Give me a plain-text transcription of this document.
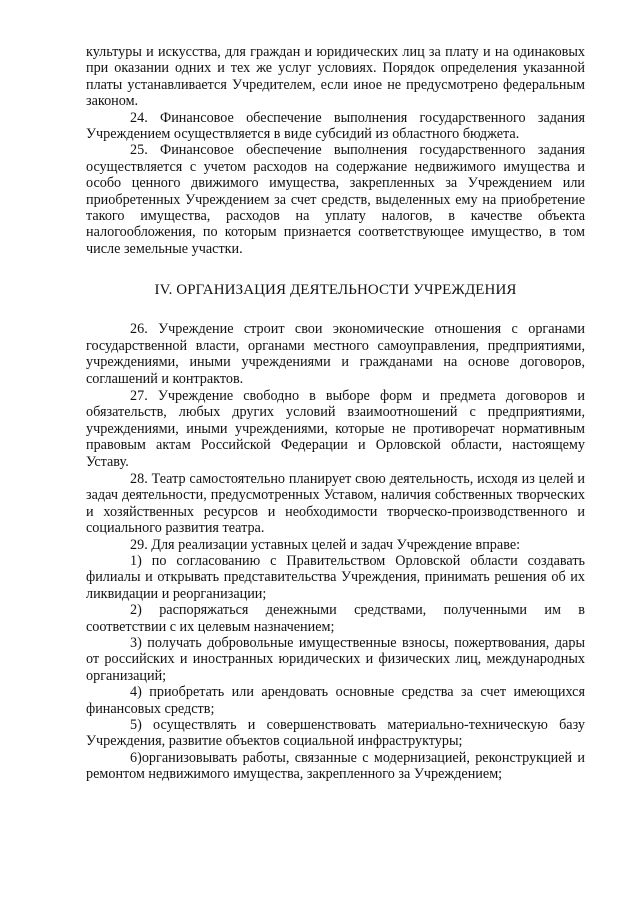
культуры и искусства, для граждан и юридических лиц за плату и на одинаковых при оказании одних и тех же услуг условиях. Порядок определения указанной платы устанавливается Учредителем, если иное не предусмотрено федеральным законом.

24. Финансовое обеспечение выполнения государственного задания Учреждением осуществляется в виде субсидий из областного бюджета.

25. Финансовое обеспечение выполнения государственного задания осуществляется с учетом расходов на содержание недвижимого имущества и особо ценного движимого имущества, закрепленных за Учреждением или приобретенных Учреждением за счет средств, выделенных ему на приобретение такого имущества, расходов на уплату налогов, в качестве объекта налогообложения, по которым признается соответствующее имущество, в том числе земельные участки.

IV. ОРГАНИЗАЦИЯ ДЕЯТЕЛЬНОСТИ УЧРЕЖДЕНИЯ

26. Учреждение строит свои экономические отношения с органами государственной власти, органами местного самоуправления, предприятиями, учреждениями, иными учреждениями и гражданами на основе договоров, соглашений и контрактов.

27. Учреждение свободно в выборе форм и предмета договоров и обязательств, любых других условий взаимоотношений с предприятиями, учреждениями, иными учреждениями, которые не противоречат нормативным правовым актам Российской Федерации и Орловской области, настоящему Уставу.

28. Театр самостоятельно планирует свою деятельность, исходя из целей и задач деятельности, предусмотренных Уставом, наличия собственных творческих и хозяйственных ресурсов и необходимости творческо-производственного и социального развития театра.

29. Для реализации уставных целей и задач Учреждение вправе:

1) по согласованию с Правительством Орловской области создавать филиалы и открывать представительства Учреждения, принимать решения об их ликвидации и реорганизации;

2) распоряжаться денежными средствами, полученными им в соответствии с их целевым назначением;

3) получать добровольные имущественные взносы, пожертвования, дары от российских и иностранных юридических и физических лиц, международных организаций;

4) приобретать или арендовать основные средства за счет имеющихся финансовых средств;

5) осуществлять и совершенствовать материально-техническую базу Учреждения, развитие объектов социальной инфраструктуры;

6)организовывать работы, связанные с модернизацией, реконструкцией и ремонтом недвижимого имущества, закрепленного за Учреждением;
